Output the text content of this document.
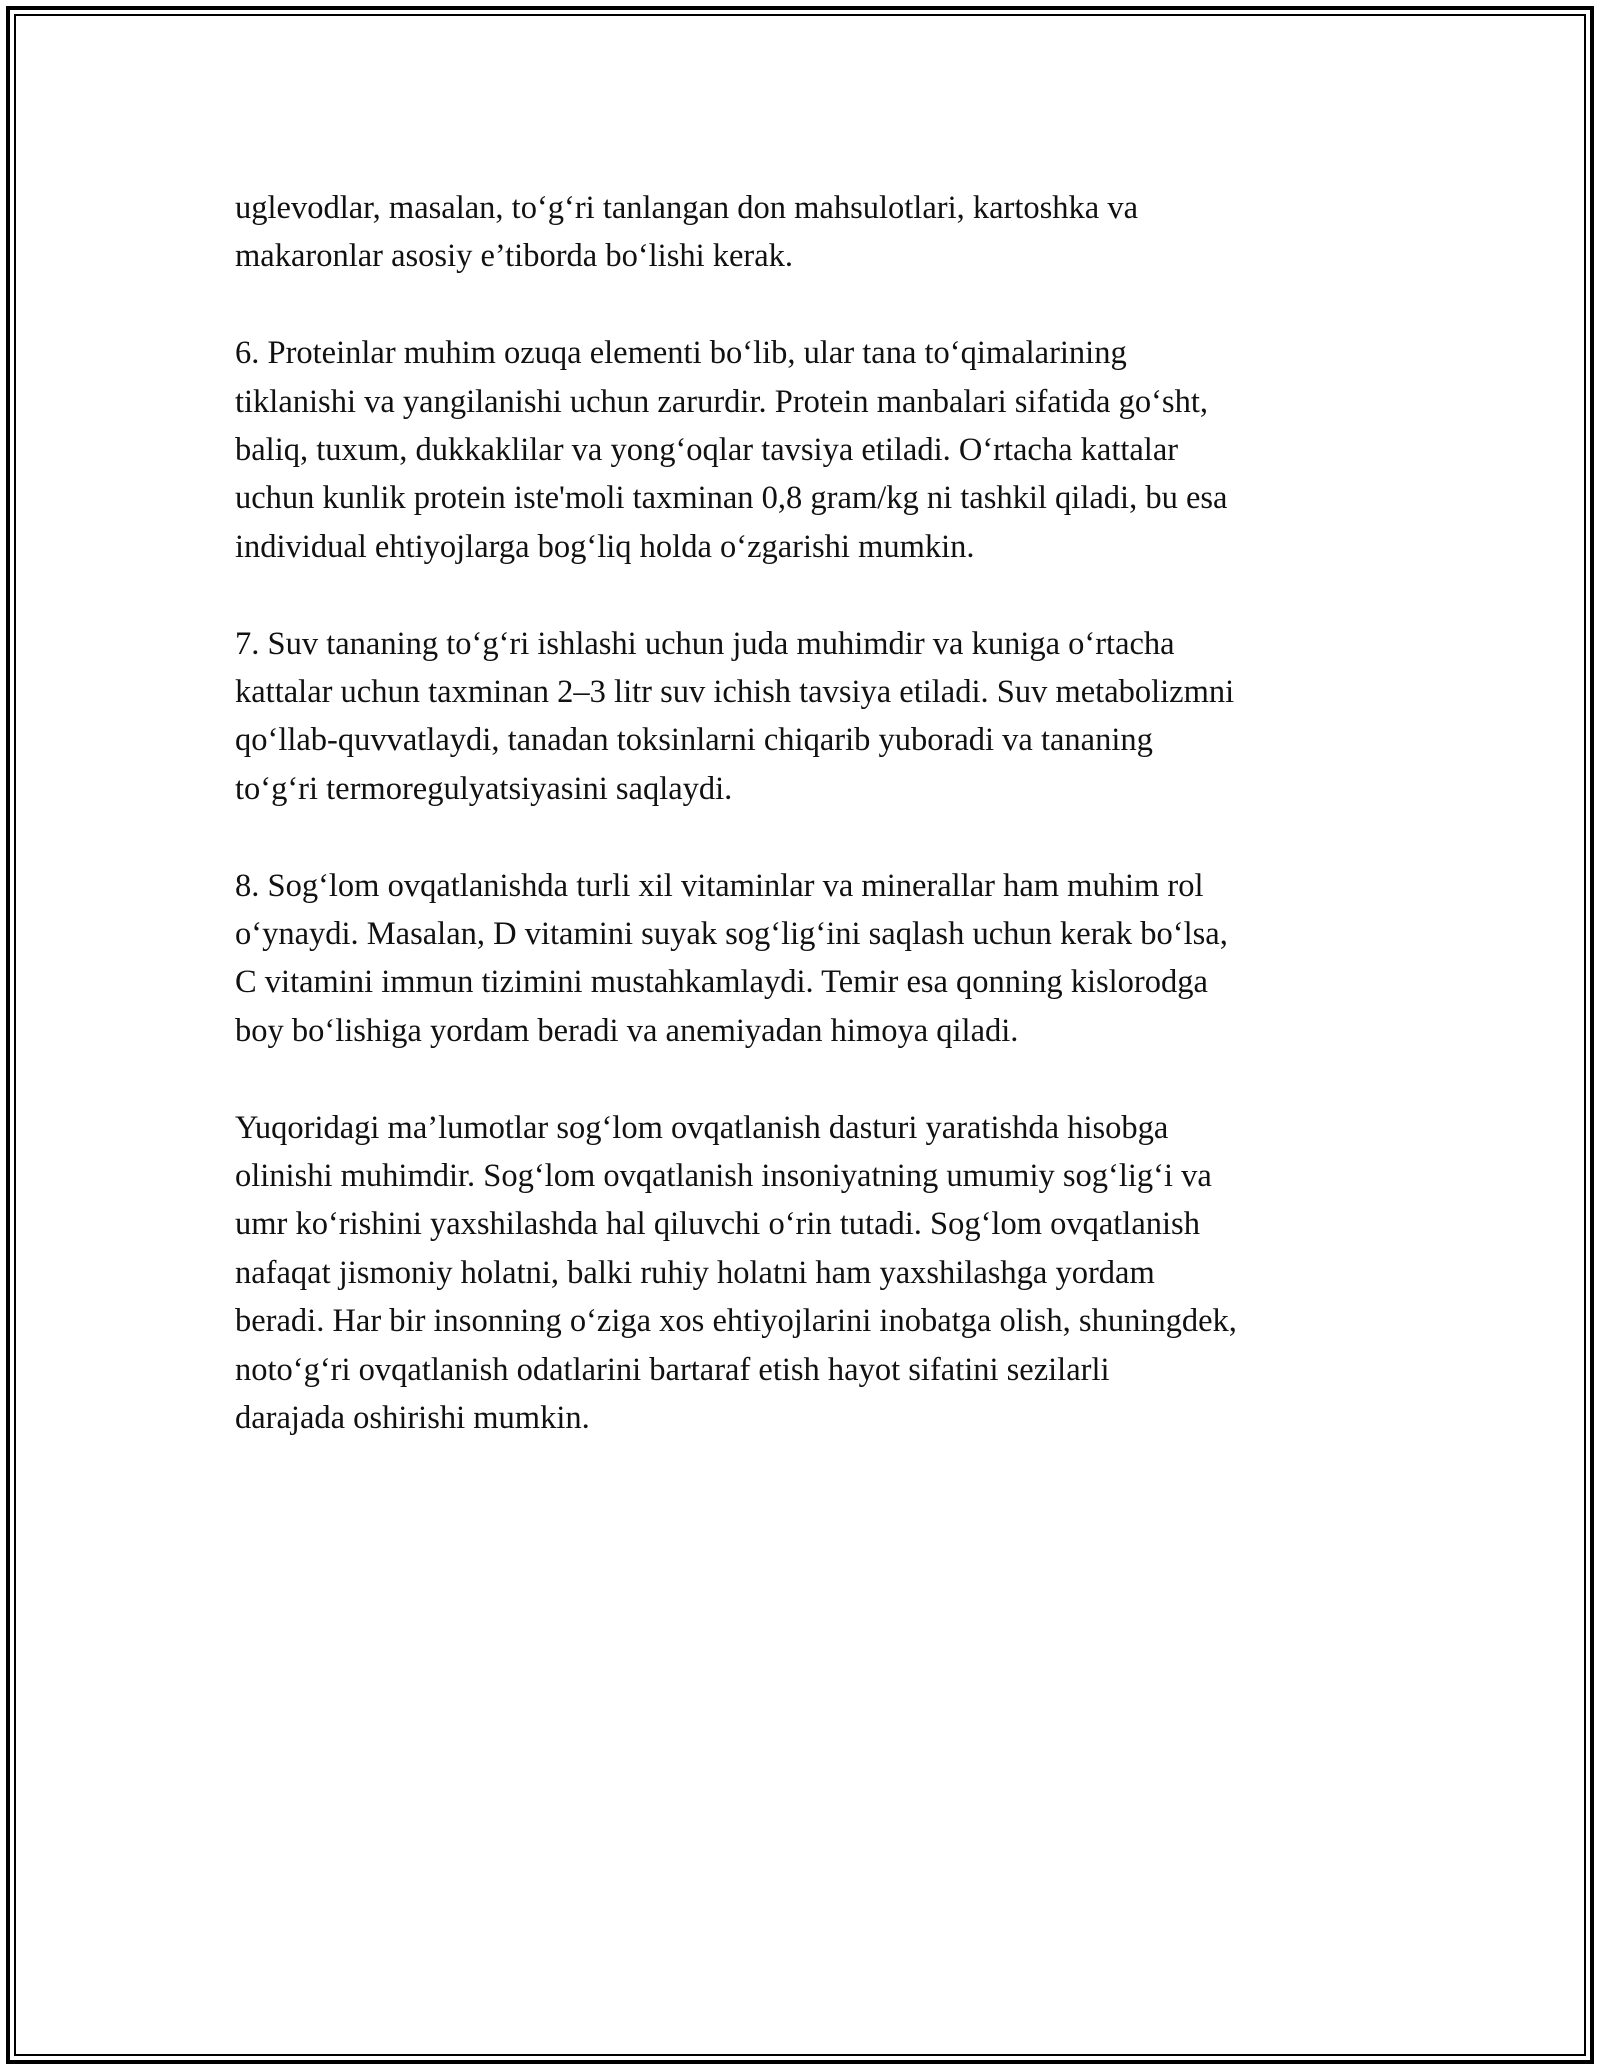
uglevodlar, masalan, to‘g‘ri tanlangan don mahsulotlari, kartoshka va
makaronlar asosiy e’tiborda bo‘lishi kerak.

6. Proteinlar muhim ozuqa elementi bo‘lib, ular tana to‘qimalarining
tiklanishi va yangilanishi uchun zarurdir. Protein manbalari sifatida go‘sht,
baliq, tuxum, dukkaklilar va yong‘oqlar tavsiya etiladi. O‘rtacha kattalar
uchun kunlik protein iste'moli taxminan 0,8 gram/kg ni tashkil qiladi, bu esa
individual ehtiyojlarga bog‘liq holda o‘zgarishi mumkin.

7. Suv tananing to‘g‘ri ishlashi uchun juda muhimdir va kuniga o‘rtacha
kattalar uchun taxminan 2–3 litr suv ichish tavsiya etiladi. Suv metabolizmni
qo‘llab-quvvatlaydi, tanadan toksinlarni chiqarib yuboradi va tananing
to‘g‘ri termoregulyatsiyasini saqlaydi.

8. Sog‘lom ovqatlanishda turli xil vitaminlar va minerallar ham muhim rol
o‘ynaydi. Masalan, D vitamini suyak sog‘lig‘ini saqlash uchun kerak bo‘lsa,
C vitamini immun tizimini mustahkamlaydi. Temir esa qonning kislorodga
boy bo‘lishiga yordam beradi va anemiyadan himoya qiladi.

Yuqoridagi ma’lumotlar sog‘lom ovqatlanish dasturi yaratishda hisobga
olinishi muhimdir. Sog‘lom ovqatlanish insoniyatning umumiy sog‘lig‘i va
umr ko‘rishini yaxshilashda hal qiluvchi o‘rin tutadi. Sog‘lom ovqatlanish
nafaqat jismoniy holatni, balki ruhiy holatni ham yaxshilashga yordam
beradi. Har bir insonning o‘ziga xos ehtiyojlarini inobatga olish, shuningdek,
noto‘g‘ri ovqatlanish odatlarini bartaraf etish hayot sifatini sezilarli
darajada oshirishi mumkin.
